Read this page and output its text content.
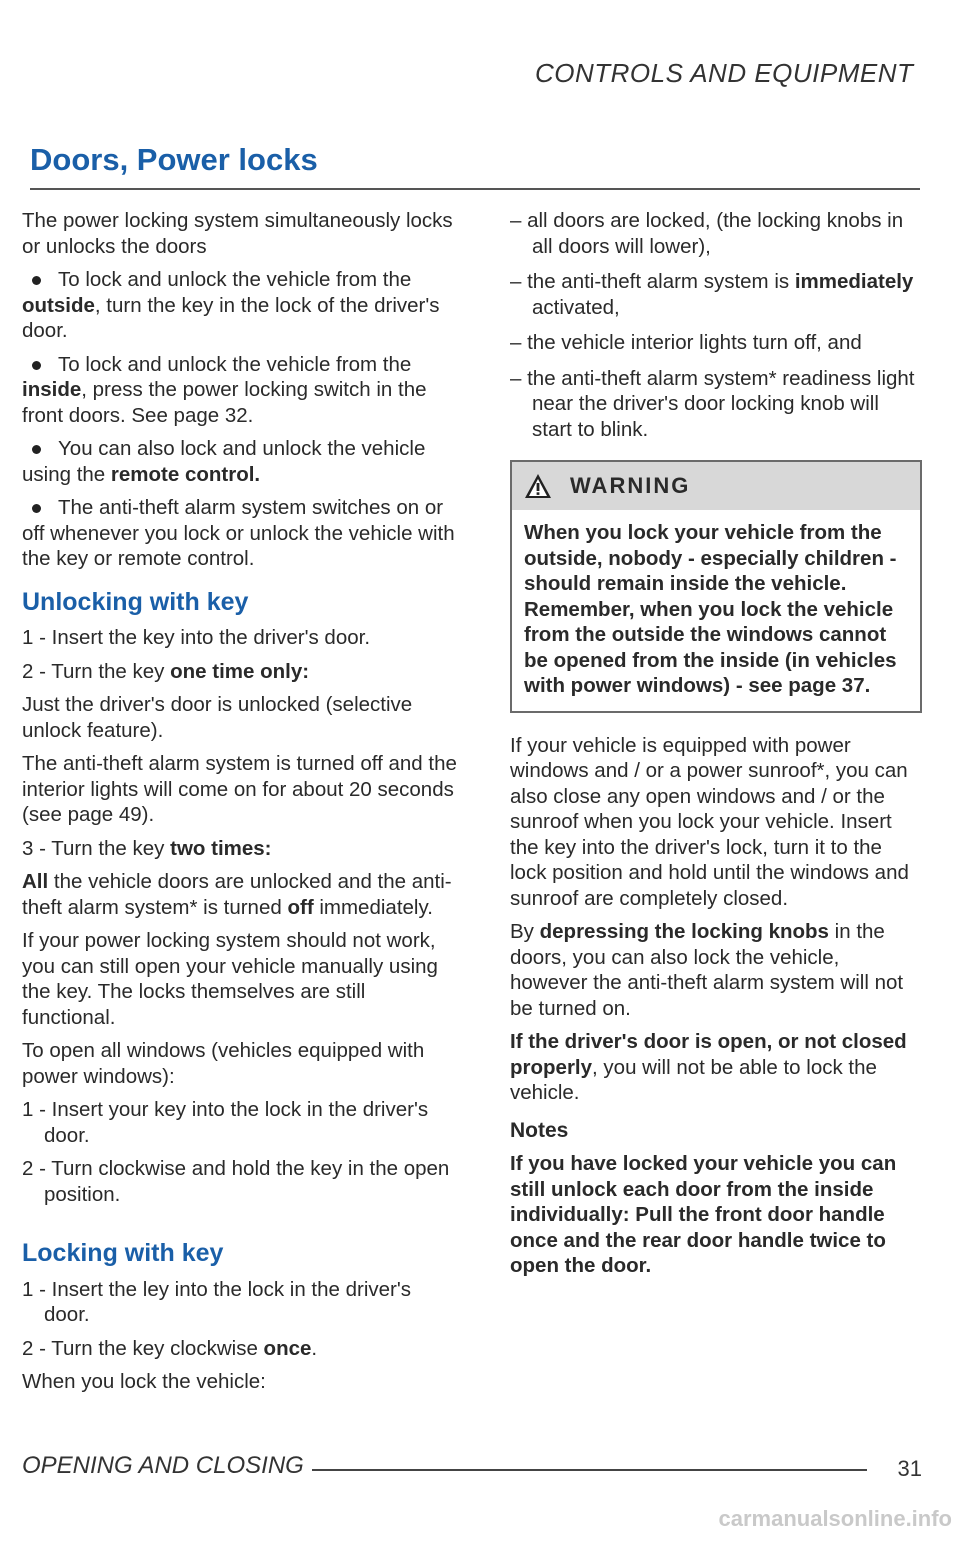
CONTROLS AND EQUIPMENT
Doors, Power locks

The power locking system simultaneously locks or unlocks the doors

To lock and unlock the vehicle from the outside, turn the key in the lock of the driver's door.

To lock and unlock the vehicle from the inside, press the power locking switch in the front doors. See page 32.

You can also lock and unlock the vehicle using the remote control.

The anti-theft alarm system switches on or off whenever you lock or unlock the vehicle with the key or remote control.

Unlocking with key

1 - Insert the key into the driver's door.

2 - Turn the key one time only:

Just the driver's door is unlocked (selective unlock feature).

The anti-theft alarm system is turned off and the interior lights will come on for about 20 seconds (see page 49).

3 - Turn the key two times:

All the vehicle doors are unlocked and the anti-theft alarm system* is turned off immediately.

If your power locking system should not work, you can still open your vehicle manually using the key. The locks themselves are still functional.

To open all windows (vehicles equipped with power windows):

1 - Insert your key into the lock in the driver's door.

2 - Turn clockwise and hold the key in the open position.

Locking with key

1 - Insert the ley into the lock in the driver's door.

2 - Turn the key clockwise once.

When you lock the vehicle:

– all doors are locked, (the locking knobs in all doors will lower),

– the anti-theft alarm system is immediately activated,

– the vehicle interior lights turn off, and

– the anti-theft alarm system* readiness light near the driver's door locking knob will start to blink.

WARNING
When you lock your vehicle from the outside, nobody - especially children - should remain inside the vehicle. Remember, when you lock the vehicle from the outside the windows cannot be opened from the inside (in vehicles with power windows) - see page 37.

If your vehicle is equipped with power windows and / or a power sunroof*, you can also close any open windows and / or the sunroof when you lock your vehicle. Insert the key into the driver's lock, turn it to the lock position and hold until the windows and sunroof are completely closed.

By depressing the locking knobs in the doors, you can also lock the vehicle, however the anti-theft alarm system will not be turned on.

If the driver's door is open, or not closed properly, you will not be able to lock the vehicle.

Notes

If you have locked your vehicle you can still unlock each door from the inside individually: Pull the front door handle once and the rear door handle twice to open the door.

OPENING AND CLOSING	31
carmanualsonline.info
